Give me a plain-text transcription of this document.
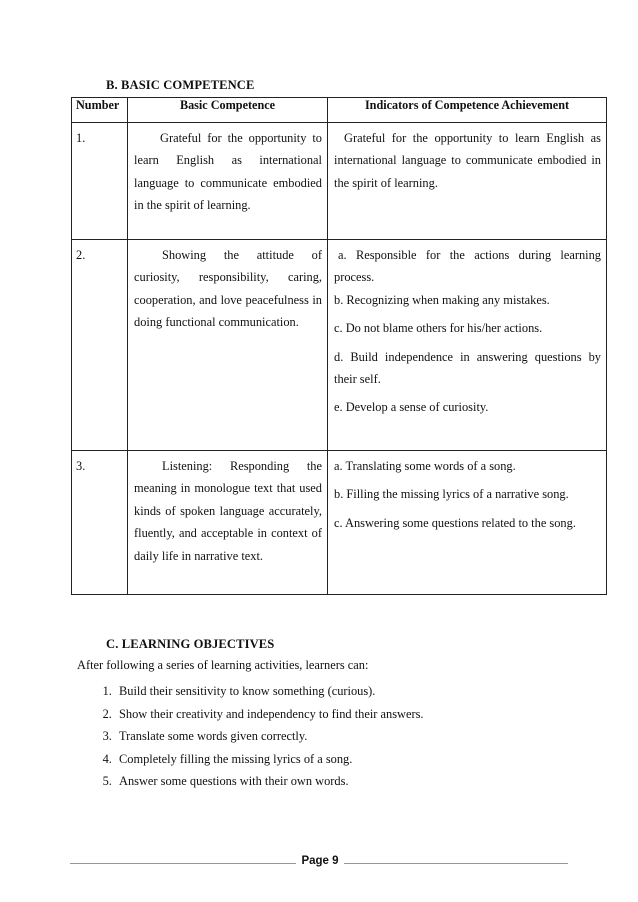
B. BASIC COMPETENCE
Number	Basic Competence	Indicators of Competence Achievement
1.	Grateful for the opportunity to learn English as international language to communicate embodied in the spirit of learning.	Grateful for the opportunity to learn English as international language to communicate embodied in the spirit of learning.

2.	Showing the attitude of curiosity, responsibility, caring, cooperation, and love peacefulness in doing functional communication.	a. Responsible for the actions during learning process.

b. Recognizing when making any mistakes.

c. Do not blame others for his/her actions.

d. Build independence in answering questions by their self.

e. Develop a sense of curiosity.

3.	Listening: Responding the meaning in monologue text that used kinds of spoken language accurately, fluently, and acceptable in context of daily life in narrative text.	a. Translating some words of a song.

b. Filling the missing lyrics of a narrative song.

c. Answering some questions related to the song.

C. LEARNING OBJECTIVES
After following a series of learning activities, learners can:
1. Build their sensitivity to know something (curious).
2. Show their creativity and independency to find their answers.
3. Translate some words given correctly.
4. Completely filling the missing lyrics of a song.
5. Answer some questions with their own words.
Page 9
